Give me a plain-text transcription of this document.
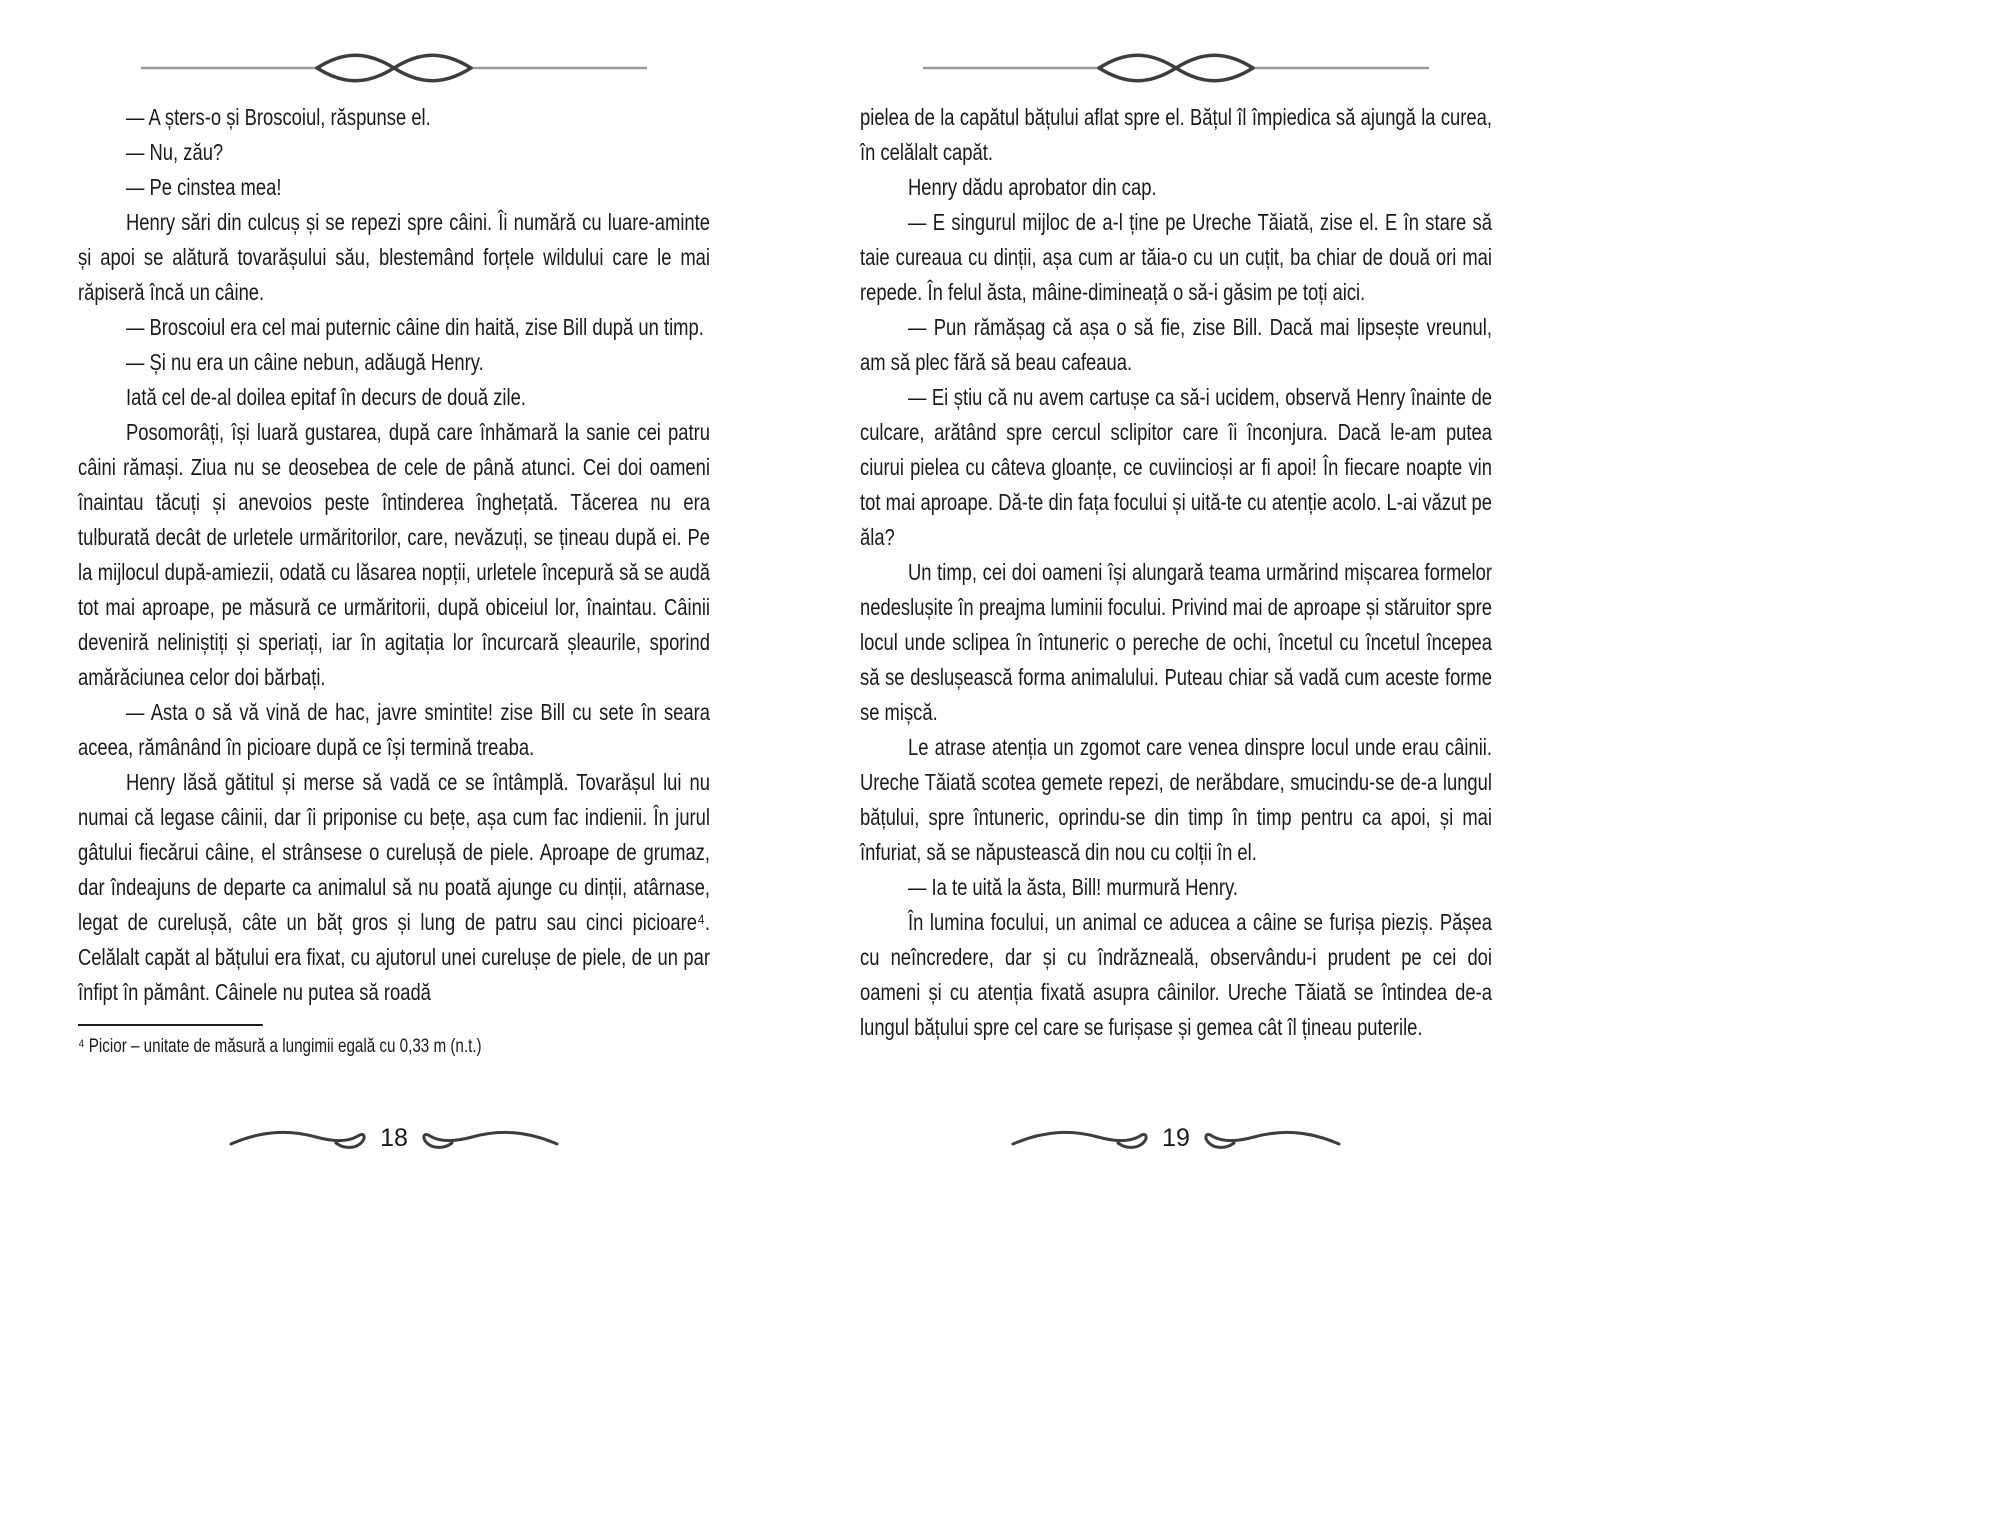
— A șters-o și Broscoiul, răspunse el.

— Nu, zău?

— Pe cinstea mea!

Henry sări din culcuș și se repezi spre câini. Îi numără cu luare-aminte și apoi se alătură tovarășului său, blestemând forțele wildului care le mai răpiseră încă un câine.

— Broscoiul era cel mai puternic câine din haită, zise Bill după un timp.

— Și nu era un câine nebun, adăugă Henry.

Iată cel de-al doilea epitaf în decurs de două zile.

Posomorâți, își luară gustarea, după care înhămară la sanie cei patru câini rămași. Ziua nu se deosebea de cele de până atunci. Cei doi oameni înaintau tăcuți și anevoios peste întinderea înghețată. Tăcerea nu era tulburată decât de urletele urmăritorilor, care, nevăzuți, se țineau după ei. Pe la mijlocul după-amiezii, odată cu lăsarea nopții, urletele începură să se audă tot mai aproape, pe măsură ce urmăritorii, după obiceiul lor, înaintau. Câinii deveniră neliniștiți și speriați, iar în agitația lor încurcară șleaurile, sporind amărăciunea celor doi bărbați.

— Asta o să vă vină de hac, javre smintite! zise Bill cu sete în seara aceea, rămânând în picioare după ce își termină treaba.

Henry lăsă gătitul și merse să vadă ce se întâmplă. Tovarășul lui nu numai că legase câinii, dar îi priponise cu bețe, așa cum fac indienii. În jurul gâtului fiecărui câine, el strânsese o curelușă de piele. Aproape de grumaz, dar îndeajuns de departe ca animalul să nu poată ajunge cu dinții, atârnase, legat de curelușă, câte un băț gros și lung de patru sau cinci picioare⁴. Celălalt capăt al bățului era fixat, cu ajutorul unei curelușe de piele, de un par înfipt în pământ. Câinele nu putea să roadă

⁴ Picior – unitate de măsură a lungimii egală cu 0,33 m (n.t.)

18

pielea de la capătul bățului aflat spre el. Bățul îl împiedica să ajungă la curea, în celălalt capăt.

Henry dădu aprobator din cap.

— E singurul mijloc de a-l ține pe Ureche Tăiată, zise el. E în stare să taie cureaua cu dinții, așa cum ar tăia-o cu un cuțit, ba chiar de două ori mai repede. În felul ăsta, mâine-dimineață o să-i găsim pe toți aici.

— Pun rămășag că așa o să fie, zise Bill. Dacă mai lipsește vreunul, am să plec fără să beau cafeaua.

— Ei știu că nu avem cartușe ca să-i ucidem, observă Henry înainte de culcare, arătând spre cercul sclipitor care îi înconjura. Dacă le-am putea ciurui pielea cu câteva gloanțe, ce cuviincioși ar fi apoi! În fiecare noapte vin tot mai aproape. Dă-te din fața focului și uită-te cu atenție acolo. L-ai văzut pe ăla?

Un timp, cei doi oameni își alungară teama urmărind mișcarea formelor nedeslușite în preajma luminii focului. Privind mai de aproape și stăruitor spre locul unde sclipea în întuneric o pereche de ochi, încetul cu încetul începea să se deslușească forma animalului. Puteau chiar să vadă cum aceste forme se mișcă.

Le atrase atenția un zgomot care venea dinspre locul unde erau câinii. Ureche Tăiată scotea gemete repezi, de nerăbdare, smucindu-se de-a lungul bățului, spre întuneric, oprindu-se din timp în timp pentru ca apoi, și mai înfuriat, să se năpustească din nou cu colții în el.

— Ia te uită la ăsta, Bill! murmură Henry.

În lumina focului, un animal ce aducea a câine se furișa pieziș. Pășea cu neîncredere, dar și cu îndrăzneală, observându-i prudent pe cei doi oameni și cu atenția fixată asupra câinilor. Ureche Tăiată se întindea de-a lungul bățului spre cel care se furișase și gemea cât îl țineau puterile.

19
